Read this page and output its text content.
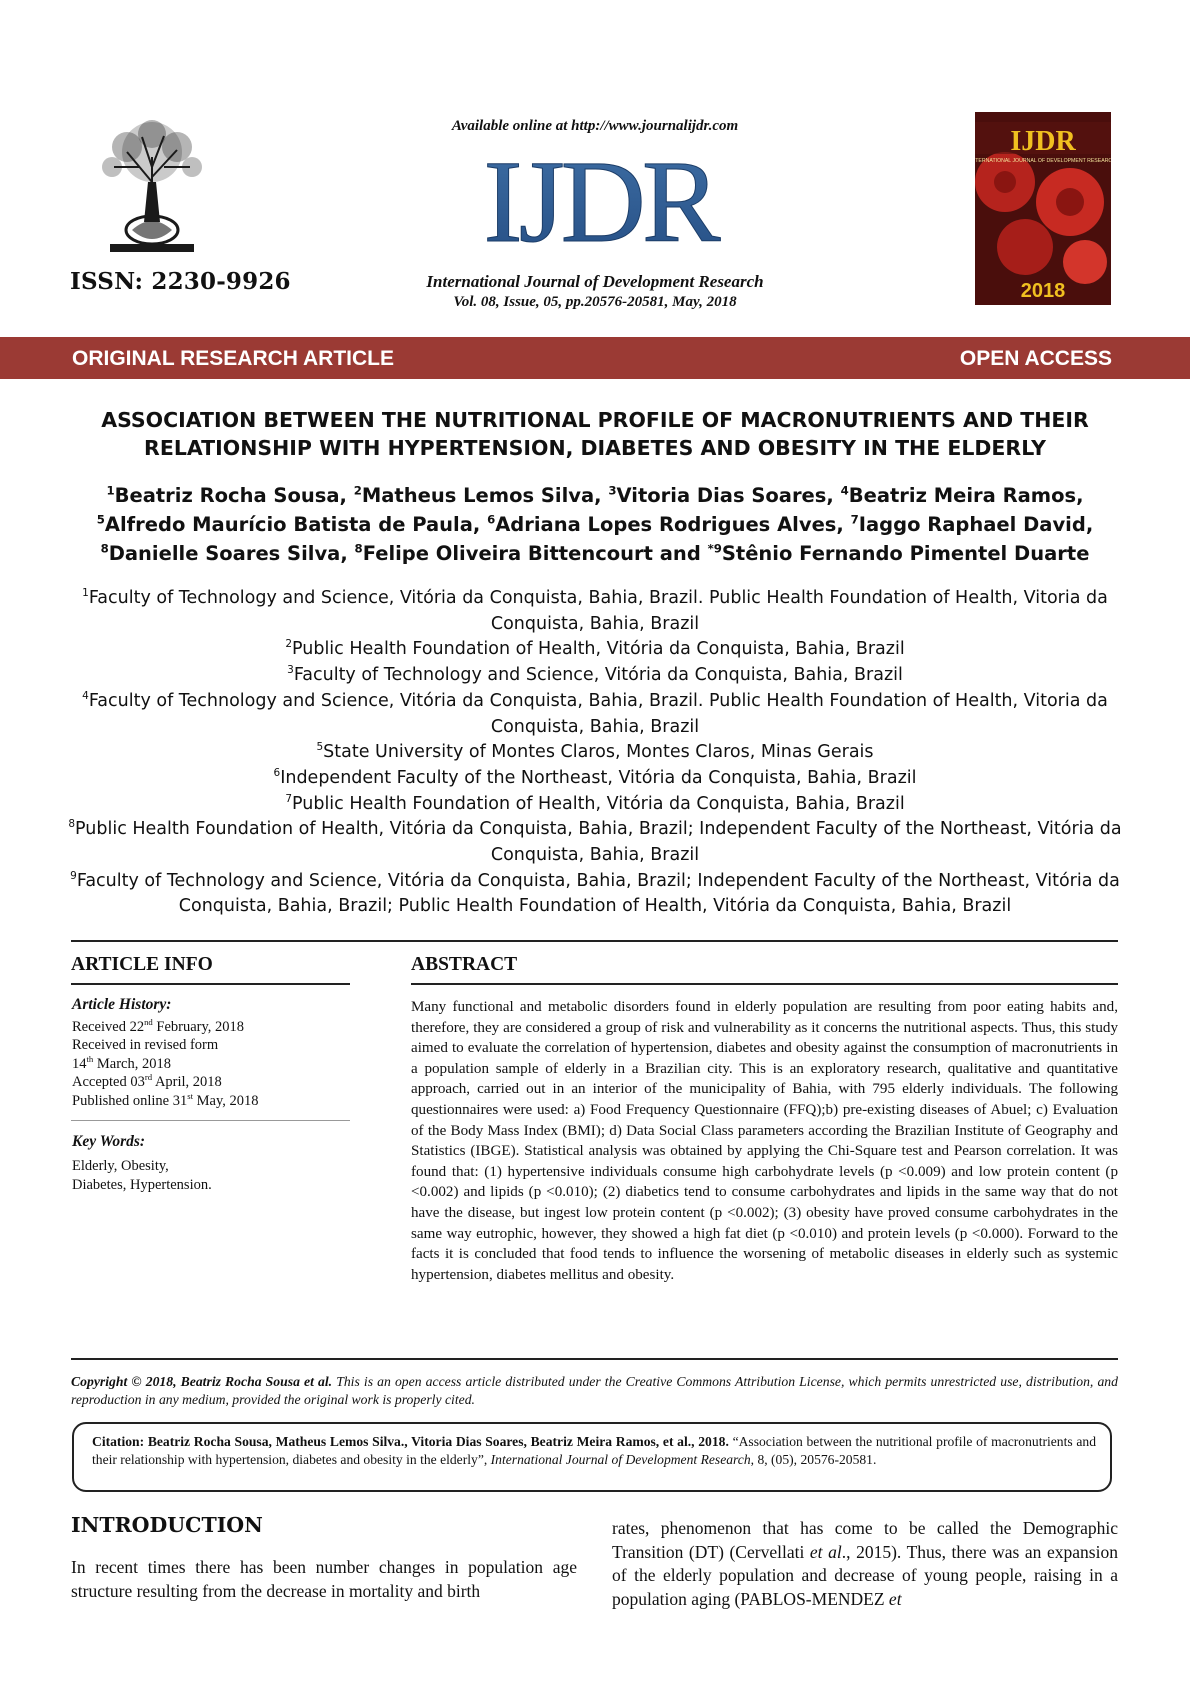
ISSN: 2230-9926
Available online at http://www.journalijdr.com
IJDR
International Journal of Development Research
Vol. 08, Issue, 05, pp.20576-20581, May, 2018
IJDR
INTERNATIONAL JOURNAL OF DEVELOPMENT RESEARCH
2018
ORIGINAL RESEARCH ARTICLE	OPEN ACCESS
ASSOCIATION BETWEEN THE NUTRITIONAL PROFILE OF MACRONUTRIENTS AND THEIR
RELATIONSHIP WITH HYPERTENSION, DIABETES AND OBESITY IN THE ELDERLY
$^1$Beatriz Rocha Sousa, $^2$Matheus Lemos Silva, $^3$Vitoria Dias Soares, $^4$Beatriz Meira Ramos,
$^5$Alfredo Maurício Batista de Paula, $^6$Adriana Lopes Rodrigues Alves, $^7$Iaggo Raphael David,
$^8$Danielle Soares Silva, $^8$Felipe Oliveira Bittencourt and $^{*9}$Stênio Fernando Pimentel Duarte
$^1$Faculty of Technology and Science, Vitória da Conquista, Bahia, Brazil. Public Health Foundation of Health, Vitoria da Conquista, Bahia, Brazil
$^2$Public Health Foundation of Health, Vitória da Conquista, Bahia, Brazil
$^3$Faculty of Technology and Science, Vitória da Conquista, Bahia, Brazil
$^4$Faculty of Technology and Science, Vitória da Conquista, Bahia, Brazil. Public Health Foundation of Health, Vitoria da Conquista, Bahia, Brazil
$^5$State University of Montes Claros, Montes Claros, Minas Gerais
$^6$Independent Faculty of the Northeast, Vitória da Conquista, Bahia, Brazil
$^7$Public Health Foundation of Health, Vitória da Conquista, Bahia, Brazil
$^8$Public Health Foundation of Health, Vitória da Conquista, Bahia, Brazil; Independent Faculty of the Northeast, Vitória da Conquista, Bahia, Brazil
$^9$Faculty of Technology and Science, Vitória da Conquista, Bahia, Brazil; Independent Faculty of the Northeast, Vitória da Conquista, Bahia, Brazil; Public Health Foundation of Health, Vitória da Conquista, Bahia, Brazil
ARTICLE INFO
Article History:
Received 22nd February, 2018
Received in revised form
14th March, 2018
Accepted 03rd April, 2018
Published online 31st May, 2018
Key Words:
Elderly, Obesity,
Diabetes, Hypertension.
ABSTRACT
Many functional and metabolic disorders found in elderly population are resulting from poor eating habits and, therefore, they are considered a group of risk and vulnerability as it concerns the nutritional aspects. Thus, this study aimed to evaluate the correlation of hypertension, diabetes and obesity against the consumption of macronutrients in a population sample of elderly in a Brazilian city. This is an exploratory research, qualitative and quantitative approach, carried out in an interior of the municipality of Bahia, with 795 elderly individuals. The following questionnaires were used: a) Food Frequency Questionnaire (FFQ);b) pre-existing diseases of Abuel; c) Evaluation of the Body Mass Index (BMI); d) Data Social Class parameters according the Brazilian Institute of Geography and Statistics (IBGE). Statistical analysis was obtained by applying the Chi-Square test and Pearson correlation. It was found that: (1) hypertensive individuals consume high carbohydrate levels (p <0.009) and low protein content (p <0.002) and lipids (p <0.010); (2) diabetics tend to consume carbohydrates and lipids in the same way that do not have the disease, but ingest low protein content (p <0.002); (3) obesity have proved consume carbohydrates in the same way eutrophic, however, they showed a high fat diet (p <0.010) and protein levels (p <0.000). Forward to the facts it is concluded that food tends to influence the worsening of metabolic diseases in elderly such as systemic hypertension, diabetes mellitus and obesity.
Copyright © 2018, Beatriz Rocha Sousa et al. This is an open access article distributed under the Creative Commons Attribution License, which permits unrestricted use, distribution, and reproduction in any medium, provided the original work is properly cited.
Citation: Beatriz Rocha Sousa, Matheus Lemos Silva., Vitoria Dias Soares, Beatriz Meira Ramos, et al., 2018. “Association between the nutritional profile of macronutrients and their relationship with hypertension, diabetes and obesity in the elderly”, International Journal of Development Research, 8, (05), 20576-20581.
INTRODUCTION
In recent times there has been number changes in population age structure resulting from the decrease in mortality and birth
rates, phenomenon that has come to be called the Demographic Transition (DT) (Cervellati et al., 2015). Thus, there was an expansion of the elderly population and decrease of young people, raising in a population aging (PABLOS-MENDEZ et
